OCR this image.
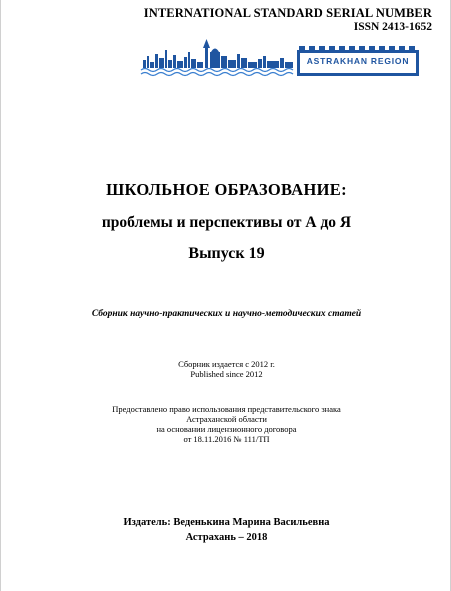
INTERNATIONAL STANDARD SERIAL NUMBER
ISSN 2413-1652
ASTRAKHAN REGION
ШКОЛЬНОЕ ОБРАЗОВАНИЕ:
проблемы и перспективы от А до Я
Выпуск 19
Сборник научно-практических и научно-методических статей
Сборник издается с 2012 г.
Published since 2012
Предоставлено право использования представительского знака
Астраханской области
на основании лицензионного договора
от 18.11.2016 № 111/ТП
Издатель: Веденькина Марина Васильевна
Астрахань – 2018
